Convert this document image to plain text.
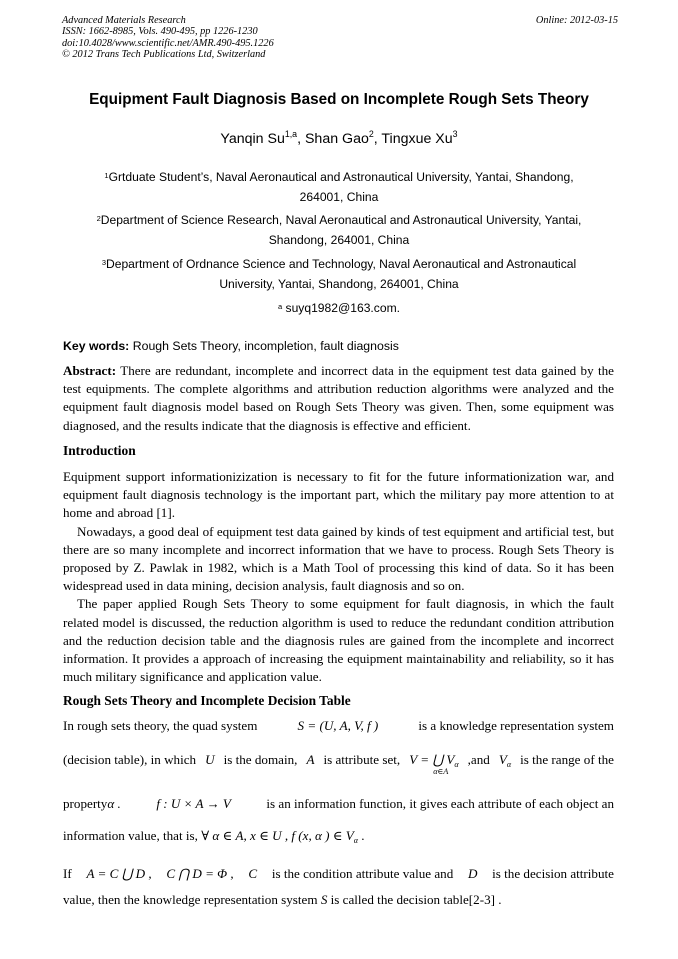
Advanced Materials Research
ISSN: 1662-8985, Vols. 490-495, pp 1226-1230
doi:10.4028/www.scientific.net/AMR.490-495.1226
© 2012 Trans Tech Publications Ltd, Switzerland
Online: 2012-03-15
Equipment Fault Diagnosis Based on Incomplete Rough Sets Theory
Yanqin Su$^{1,a}$, Shan Gao$^2$, Tingxue Xu$^3$
$^1$Grtduate Student’s, Naval Aeronautical and Astronautical University, Yantai, Shandong,
264001, China
$^2$Department of Science Research, Naval Aeronautical and Astronautical University, Yantai,
Shandong, 264001, China
$^3$Department of Ordnance Science and Technology, Naval Aeronautical and Astronautical
University, Yantai, Shandong, 264001, China
$^a$ suyq1982@163.com.
Key words: Rough Sets Theory, incompletion, fault diagnosis

Abstract: There are redundant, incomplete and incorrect data in the equipment test data gained by the test equipments. The complete algorithms and attribution reduction algorithms were analyzed and the equipment fault diagnosis model based on Rough Sets Theory was given. Then, some equipment was diagnosed, and the results indicate that the diagnosis is effective and efficient.

Introduction

Equipment support informationizization is necessary to fit for the future informationization war, and equipment fault diagnosis technology is the important part, which the military pay more attention to at home and abroad [1].

Nowadays, a good deal of equipment test data gained by kinds of test equipment and artificial test, but there are so many incomplete and incorrect information that we have to process. Rough Sets Theory is proposed by Z. Pawlak in 1982, which is a Math Tool of processing this kind of data. So it has been widespread used in data mining, decision analysis, fault diagnosis and so on.

The paper applied Rough Sets Theory to some equipment for fault diagnosis, in which the fault related model is discussed, the reduction algorithm is used to reduce the redundant condition attribution and the reduction decision table and the diagnosis rules are gained from the incomplete and incorrect information. It provides a approach of increasing the equipment maintainability and reliability, so it has much military significance and application value.

Rough Sets Theory and Incomplete Decision Table
In rough sets theory, the quad system	S = (U, A, V, f )	is a knowledge representation system
(decision table), in which U is the domain, A is attribute set, V = ⋃ $V_\alpha$
α∈A
,and $V_\alpha$ is the range of the
propertyα .	f : U × A → V	is an information function, it gives each attribute of each object an
information value, that is, ∀ α ∈ A, x ∈ U , f (x, α ) ∈ $V_\alpha$ .
If A = C ⋃ D , C ⋂ D = Φ , C is the condition attribute value and D is the decision attribute
value, then the knowledge representation system S is called the decision table[2-3] .
